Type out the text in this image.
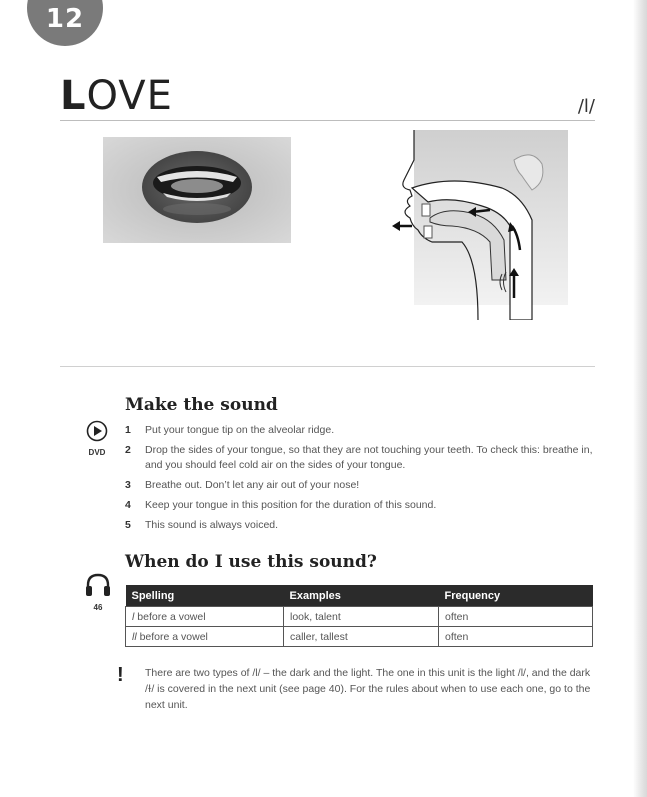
12
LOVE	/l/
DVD
Make the sound
1 Put your tongue tip on the alveolar ridge.
2 Drop the sides of your tongue, so that they are not touching your teeth. To check this: breathe in, and you should feel cold air on the sides of your tongue.
3 Breathe out. Don’t let any air out of your nose!
4 Keep your tongue in this position for the duration of this sound.
5 This sound is always voiced.
When do I use this sound?
46
Spelling	Examples	Frequency
l before a vowel	look, talent	often
ll before a vowel	caller, tallest	often
! There are two types of /l/ – the dark and the light. The one in this unit is the light /l/, and the dark /ɫ/ is covered in the next unit (see page 40). For the rules about when to use each one, go to the next unit.
